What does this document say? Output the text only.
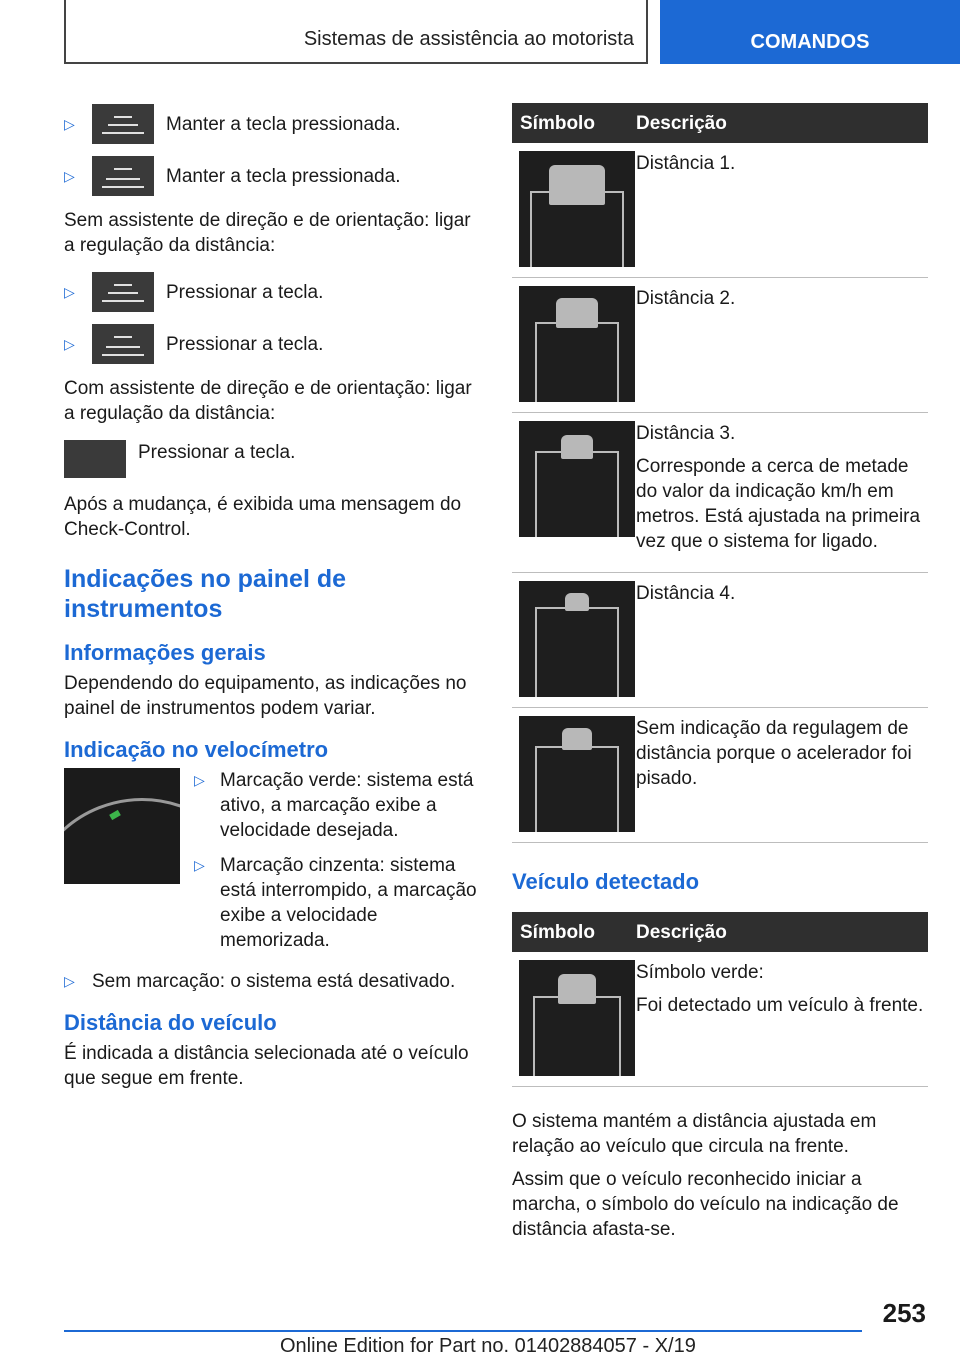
Sistemas de assistência ao motorista	COMANDOS
▷	Manter a tecla pressionada.
▷	Manter a tecla pressionada.

Sem assistente de direção e de orientação: ligar a regulação da distância:

▷	Pressionar a tecla.
▷	Pressionar a tecla.

Com assistente de direção e de orientação: ligar a regulação da distância:

Pressionar a tecla.

Após a mudança, é exibida uma mensagem do Check-Control.

Indicações no painel de instrumentos
Informações gerais

Dependendo do equipamento, as indicações no painel de instrumentos podem variar.

Indicação no velocímetro
▷ Marcação verde: sistema está ativo, a marcação exibe a velocidade desejada.
▷ Marcação cinzenta: sistema está interrompido, a marcação exibe a velocidade memorizada.
▷ Sem marcação: o sistema está desativado.
Distância do veículo

É indicada a distância selecionada até o veículo que segue em frente.

Símbolo	Descrição

Distância 1.

Distância 2.

Distância 3.

Corresponde a cerca de metade do valor da indicação km/h em metros. Está ajustada na primeira vez que o sistema for ligado.

Distância 4.

Sem indicação da regulagem de distância porque o acelerador foi pisado.

Veículo detectado
Símbolo	Descrição

Símbolo verde:

Foi detectado um veículo à frente.

O sistema mantém a distância ajustada em relação ao veículo que circula na frente.

Assim que o veículo reconhecido iniciar a marcha, o símbolo do veículo na indicação de distância afasta-se.

253
Online Edition for Part no. 01402884057 - X/19
